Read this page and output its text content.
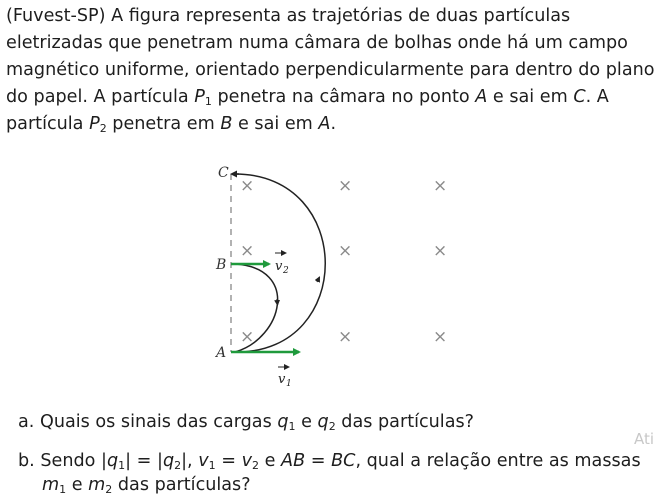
(Fuvest-SP) A figura representa as trajetórias de duas partículas eletrizadas que penetram numa câmara de bolhas onde há um campo magnético uniforme, orientado perpendicularmente para dentro do plano do papel. A partícula $P_1$ penetra na câmara no ponto A e sai em C. A partícula $P_2$ penetra em B e sai em A.

×	×	×
×	×	×
×	×	×
C
B
A
v 2
v 1

a. Quais os sinais das cargas $q_1$ e $q_2$ das partículas?

Ati

b. Sendo $|q_1| = |q_2|$, $v_1 = v_2$ e AB = BC, qual a relação entre as massas
$m_1$ e $m_2$ das partículas?
